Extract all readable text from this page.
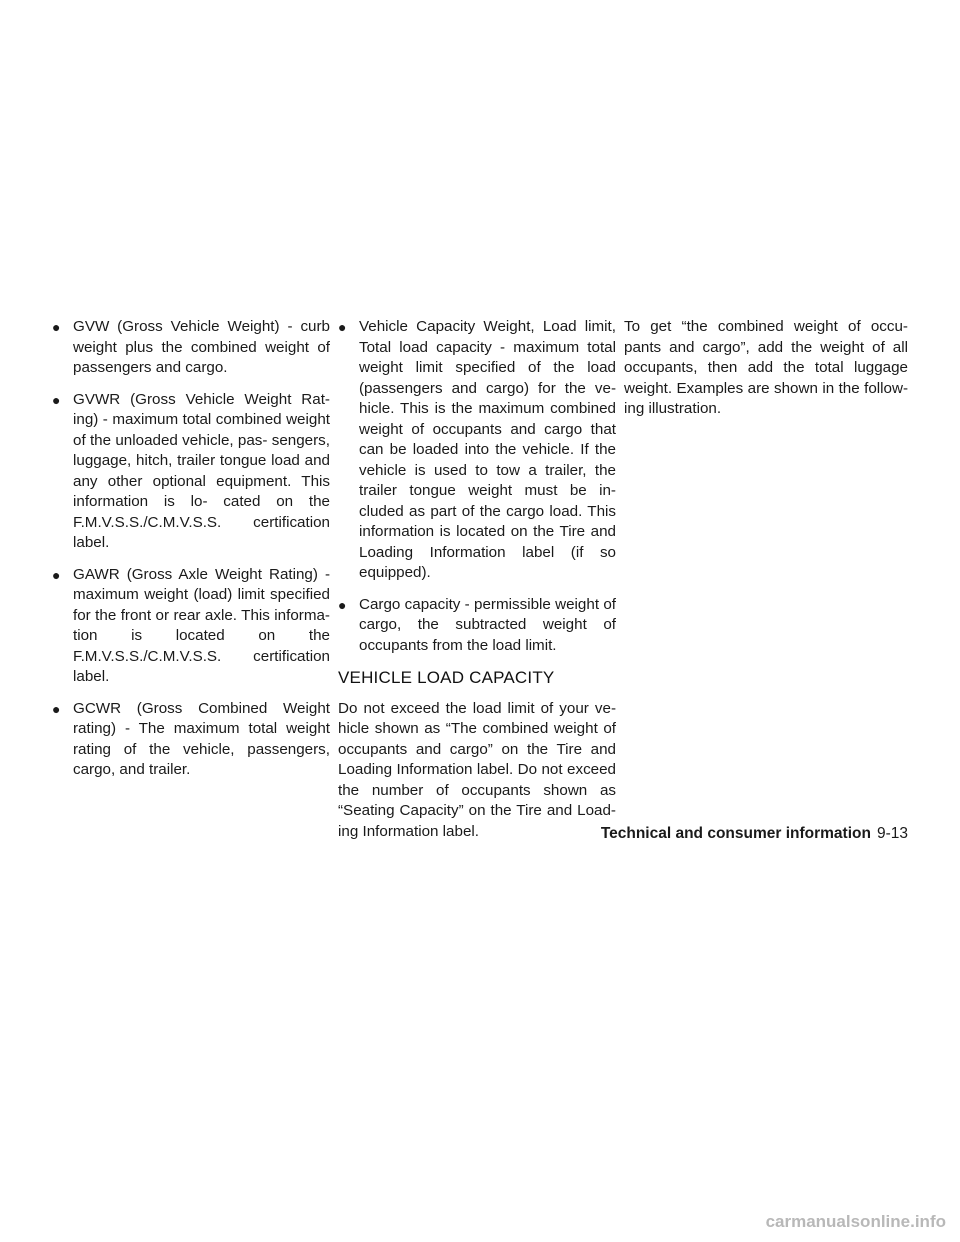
● GVW (Gross Vehicle Weight) - curb weight plus the combined weight of passengers and cargo.
● GVWR (Gross Vehicle Weight Rat- ing) - maximum total combined weight of the unloaded vehicle, pas- sengers, luggage, hitch, trailer tongue load and any other optional equipment. This information is lo- cated on the F.M.V.S.S./C.M.V.S.S. certification label.
● GAWR (Gross Axle Weight Rating) - maximum weight (load) limit specified for the front or rear axle. This informa- tion is located on the F.M.V.S.S./C.M.V.S.S. certification label.
● GCWR (Gross Combined Weight rating) - The maximum total weight rating of the vehicle, passengers, cargo, and trailer.
● Vehicle Capacity Weight, Load limit, Total load capacity - maximum total weight limit specified of the load (passengers and cargo) for the ve- hicle. This is the maximum combined weight of occupants and cargo that can be loaded into the vehicle. If the vehicle is used to tow a trailer, the trailer tongue weight must be in- cluded as part of the cargo load. This information is located on the Tire and Loading Information label (if so equipped).
● Cargo capacity - permissible weight of cargo, the subtracted weight of occupants from the load limit.
VEHICLE LOAD CAPACITY

Do not exceed the load limit of your ve- hicle shown as “The combined weight of occupants and cargo” on the Tire and Loading Information label. Do not exceed the number of occupants shown as “Seating Capacity” on the Tire and Load- ing Information label.

To get “the combined weight of occu- pants and cargo”, add the weight of all occupants, then add the total luggage weight. Examples are shown in the follow- ing illustration.

Technical and consumer information 9-13
carmanualsonline.info
